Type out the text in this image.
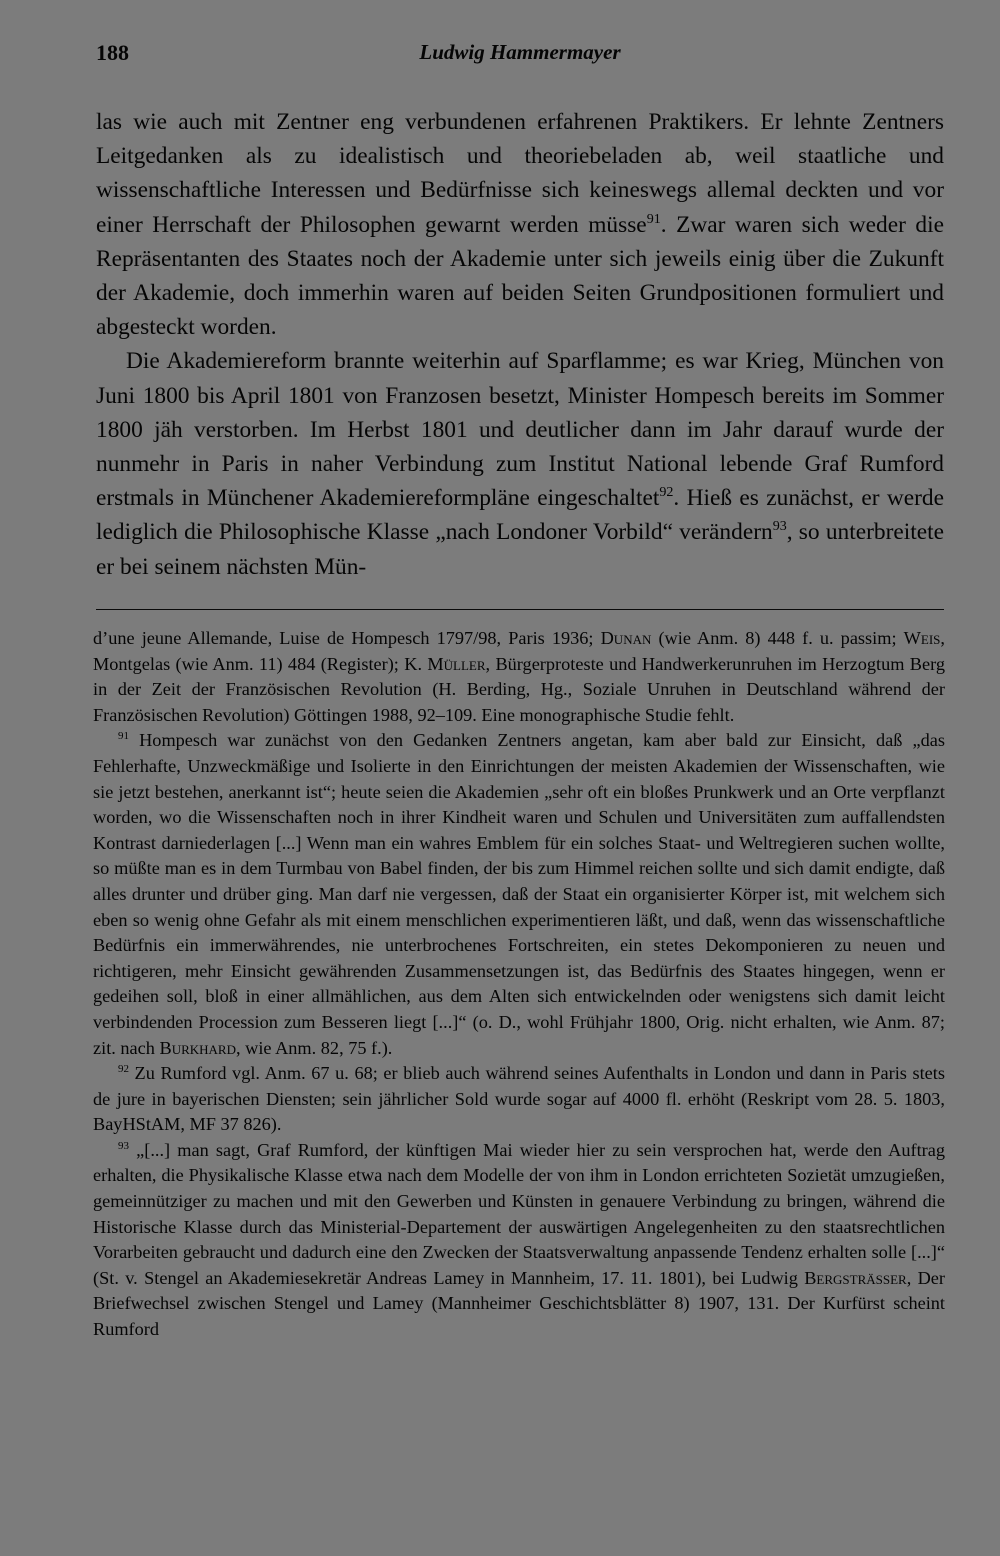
188	Ludwig Hammermayer

las wie auch mit Zentner eng verbundenen erfahrenen Praktikers. Er lehnte Zentners Leitgedanken als zu idealistisch und theoriebeladen ab, weil staatliche und wissenschaftliche Interessen und Bedürfnisse sich keineswegs allemal deckten und vor einer Herrschaft der Philosophen gewarnt werden müsse$^{91}$. Zwar waren sich weder die Repräsentanten des Staates noch der Akademie unter sich jeweils einig über die Zukunft der Akademie, doch immerhin waren auf beiden Seiten Grundpositionen formuliert und abgesteckt worden.

Die Akademiereform brannte weiterhin auf Sparflamme; es war Krieg, München von Juni 1800 bis April 1801 von Franzosen besetzt, Minister Hompesch bereits im Sommer 1800 jäh verstorben. Im Herbst 1801 und deutlicher dann im Jahr darauf wurde der nunmehr in Paris in naher Verbindung zum Institut National lebende Graf Rumford erstmals in Münchener Akademiereformpläne eingeschaltet$^{92}$. Hieß es zunächst, er werde lediglich die Philosophische Klasse „nach Londoner Vorbild“ verändern$^{93}$, so unterbreitete er bei seinem nächsten Mün-

d’une jeune Allemande, Luise de Hompesch 1797/98, Paris 1936; Dunan (wie Anm. 8) 448 f. u. passim; Weis, Montgelas (wie Anm. 11) 484 (Register); K. Müller, Bürgerproteste und Handwerkerunruhen im Herzogtum Berg in der Zeit der Französischen Revolution (H. Berding, Hg., Soziale Unruhen in Deutschland während der Französischen Revolution) Göttingen 1988, 92–109. Eine monographische Studie fehlt.

$^{91}$ Hompesch war zunächst von den Gedanken Zentners angetan, kam aber bald zur Einsicht, daß „das Fehlerhafte, Unzweckmäßige und Isolierte in den Einrichtungen der meisten Akademien der Wissenschaften, wie sie jetzt bestehen, anerkannt ist“; heute seien die Akademien „sehr oft ein bloßes Prunkwerk und an Orte verpflanzt worden, wo die Wissenschaften noch in ihrer Kindheit waren und Schulen und Universitäten zum auffallendsten Kontrast darniederlagen [...] Wenn man ein wahres Emblem für ein solches Staat- und Weltregieren suchen wollte, so müßte man es in dem Turmbau von Babel finden, der bis zum Himmel reichen sollte und sich damit endigte, daß alles drunter und drüber ging. Man darf nie vergessen, daß der Staat ein organisierter Körper ist, mit welchem sich eben so wenig ohne Gefahr als mit einem menschlichen experimentieren läßt, und daß, wenn das wissenschaftliche Bedürfnis ein immerwährendes, nie unterbrochenes Fortschreiten, ein stetes Dekomponieren zu neuen und richtigeren, mehr Einsicht gewährenden Zusammensetzungen ist, das Bedürfnis des Staates hingegen, wenn er gedeihen soll, bloß in einer allmählichen, aus dem Alten sich entwickelnden oder wenigstens sich damit leicht verbindenden Procession zum Besseren liegt [...]“ (o. D., wohl Frühjahr 1800, Orig. nicht erhalten, wie Anm. 87; zit. nach Burkhard, wie Anm. 82, 75 f.).

$^{92}$ Zu Rumford vgl. Anm. 67 u. 68; er blieb auch während seines Aufenthalts in London und dann in Paris stets de jure in bayerischen Diensten; sein jährlicher Sold wurde sogar auf 4000 fl. erhöht (Reskript vom 28. 5. 1803, BayHStAM, MF 37 826).

$^{93}$ „[...] man sagt, Graf Rumford, der künftigen Mai wieder hier zu sein versprochen hat, werde den Auftrag erhalten, die Physikalische Klasse etwa nach dem Modelle der von ihm in London errichteten Sozietät umzugießen, gemeinnütziger zu machen und mit den Gewerben und Künsten in genauere Verbindung zu bringen, während die Historische Klasse durch das Ministerial-Departement der auswärtigen Angelegenheiten zu den staatsrechtlichen Vorarbeiten gebraucht und dadurch eine den Zwecken der Staatsverwaltung anpassende Tendenz erhalten solle [...]“ (St. v. Stengel an Akademiesekretär Andreas Lamey in Mannheim, 17. 11. 1801), bei Ludwig Bergsträsser, Der Briefwechsel zwischen Stengel und Lamey (Mannheimer Geschichtsblätter 8) 1907, 131. Der Kurfürst scheint Rumford
